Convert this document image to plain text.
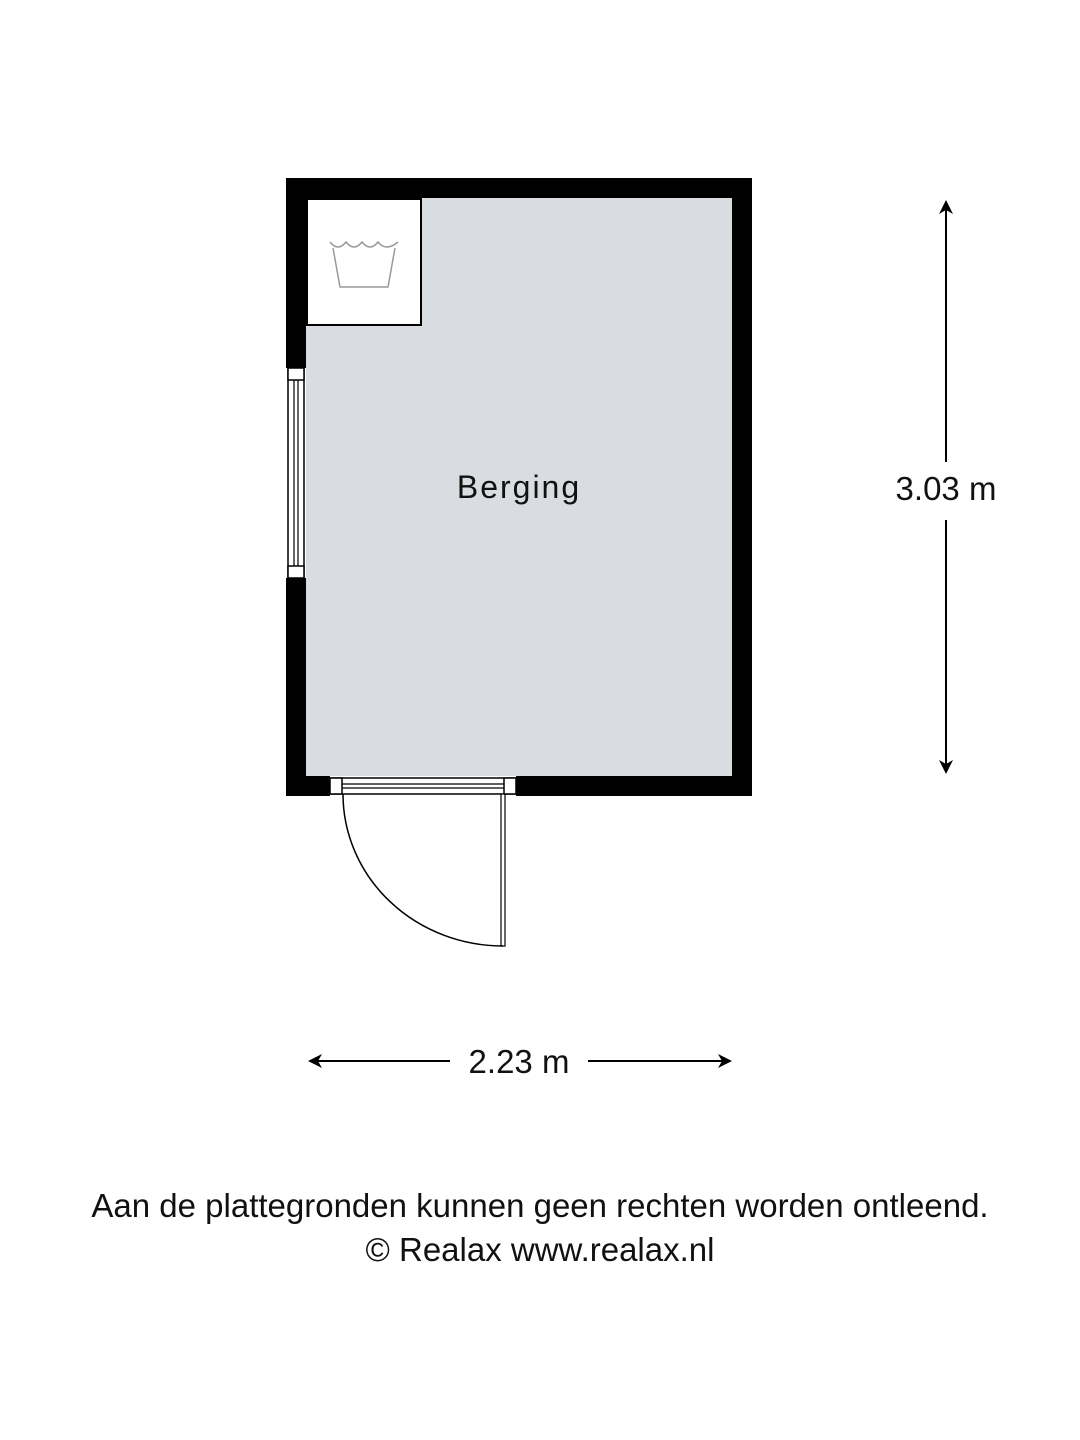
Berging	3.03 m
2.23 m
Aan de plattegronden kunnen geen rechten worden ontleend.
© Realax www.realax.nl
